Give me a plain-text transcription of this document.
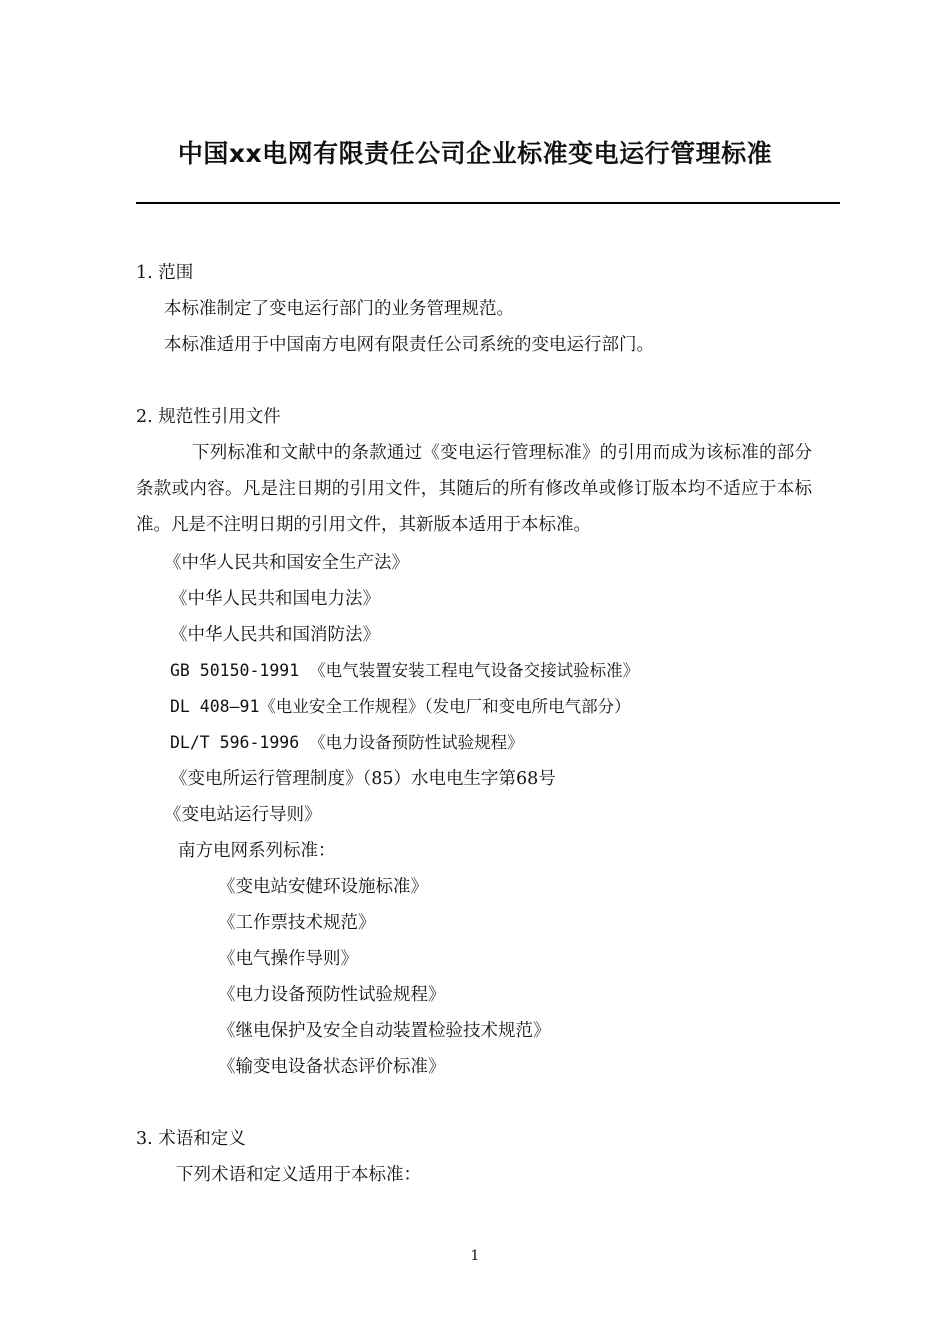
中国xx电网有限责任公司企业标准变电运行管理标准
1. 范围
本标准制定了变电运行部门的业务管理规范。
本标准适用于中国南方电网有限责任公司系统的变电运行部门。
2. 规范性引用文件
下列标准和文献中的条款通过《变电运行管理标准》的引用而成为该标准的部分条款或内容。凡是注日期的引用文件，其随后的所有修改单或修订版本均不适应于本标准。凡是不注明日期的引用文件，其新版本适用于本标准。
《中华人民共和国安全生产法》
《中华人民共和国电力法》
《中华人民共和国消防法》
GB 50150-1991 《电气装置安装工程电气设备交接试验标准》
DL 408—91《电业安全工作规程》（发电厂和变电所电气部分）
DL/T 596-1996 《电力设备预防性试验规程》
《变电所运行管理制度》（85）水电电生字第68号
《变电站运行导则》
南方电网系列标准：
《变电站安健环设施标准》
《工作票技术规范》
《电气操作导则》
《电力设备预防性试验规程》
《继电保护及安全自动装置检验技术规范》
《输变电设备状态评价标准》
3. 术语和定义
下列术语和定义适用于本标准：
1
